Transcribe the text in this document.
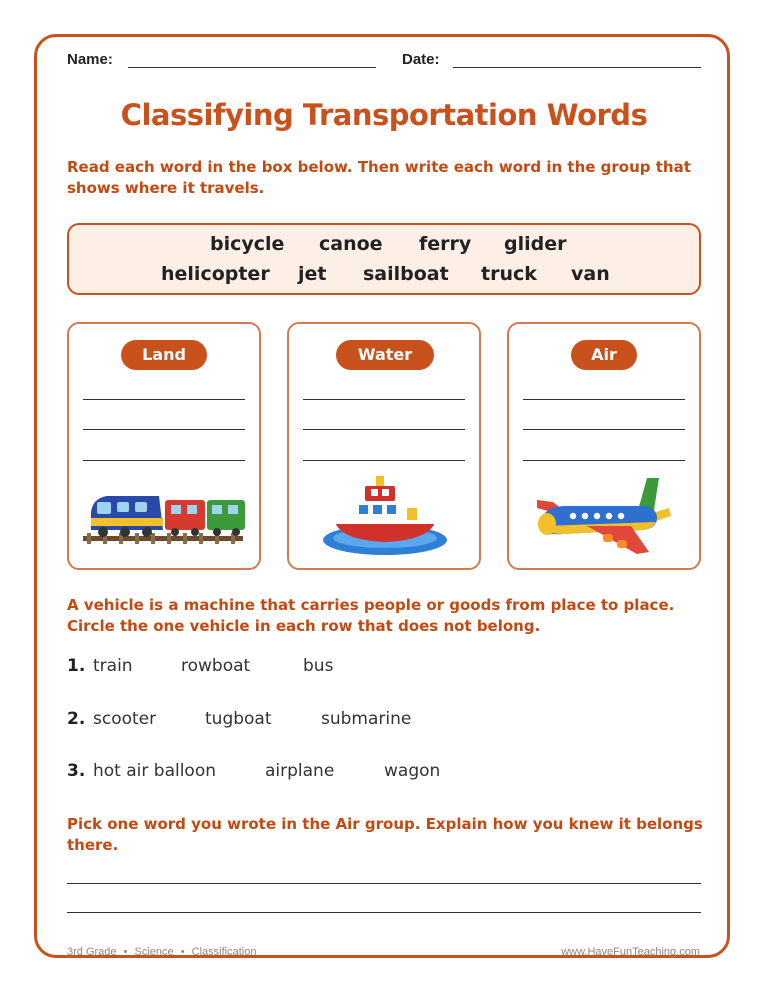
Name:	Date:
Classifying Transportation Words
Read each word in the box below. Then write each word in the group that shows where it travels.
bicycle canoe ferry glider
helicopter jet sailboat truck van
Land	Water	Air
A vehicle is a machine that carries people or goods from place to place. Circle the one vehicle in each row that does not belong.
1. train	rowboat	bus
2. scooter	tugboat	submarine
3. hot air balloon	airplane	wagon
Pick one word you wrote in the Air group. Explain how you knew it belongs there.
3rd Grade • Science • Classification	www.HaveFunTeaching.com
